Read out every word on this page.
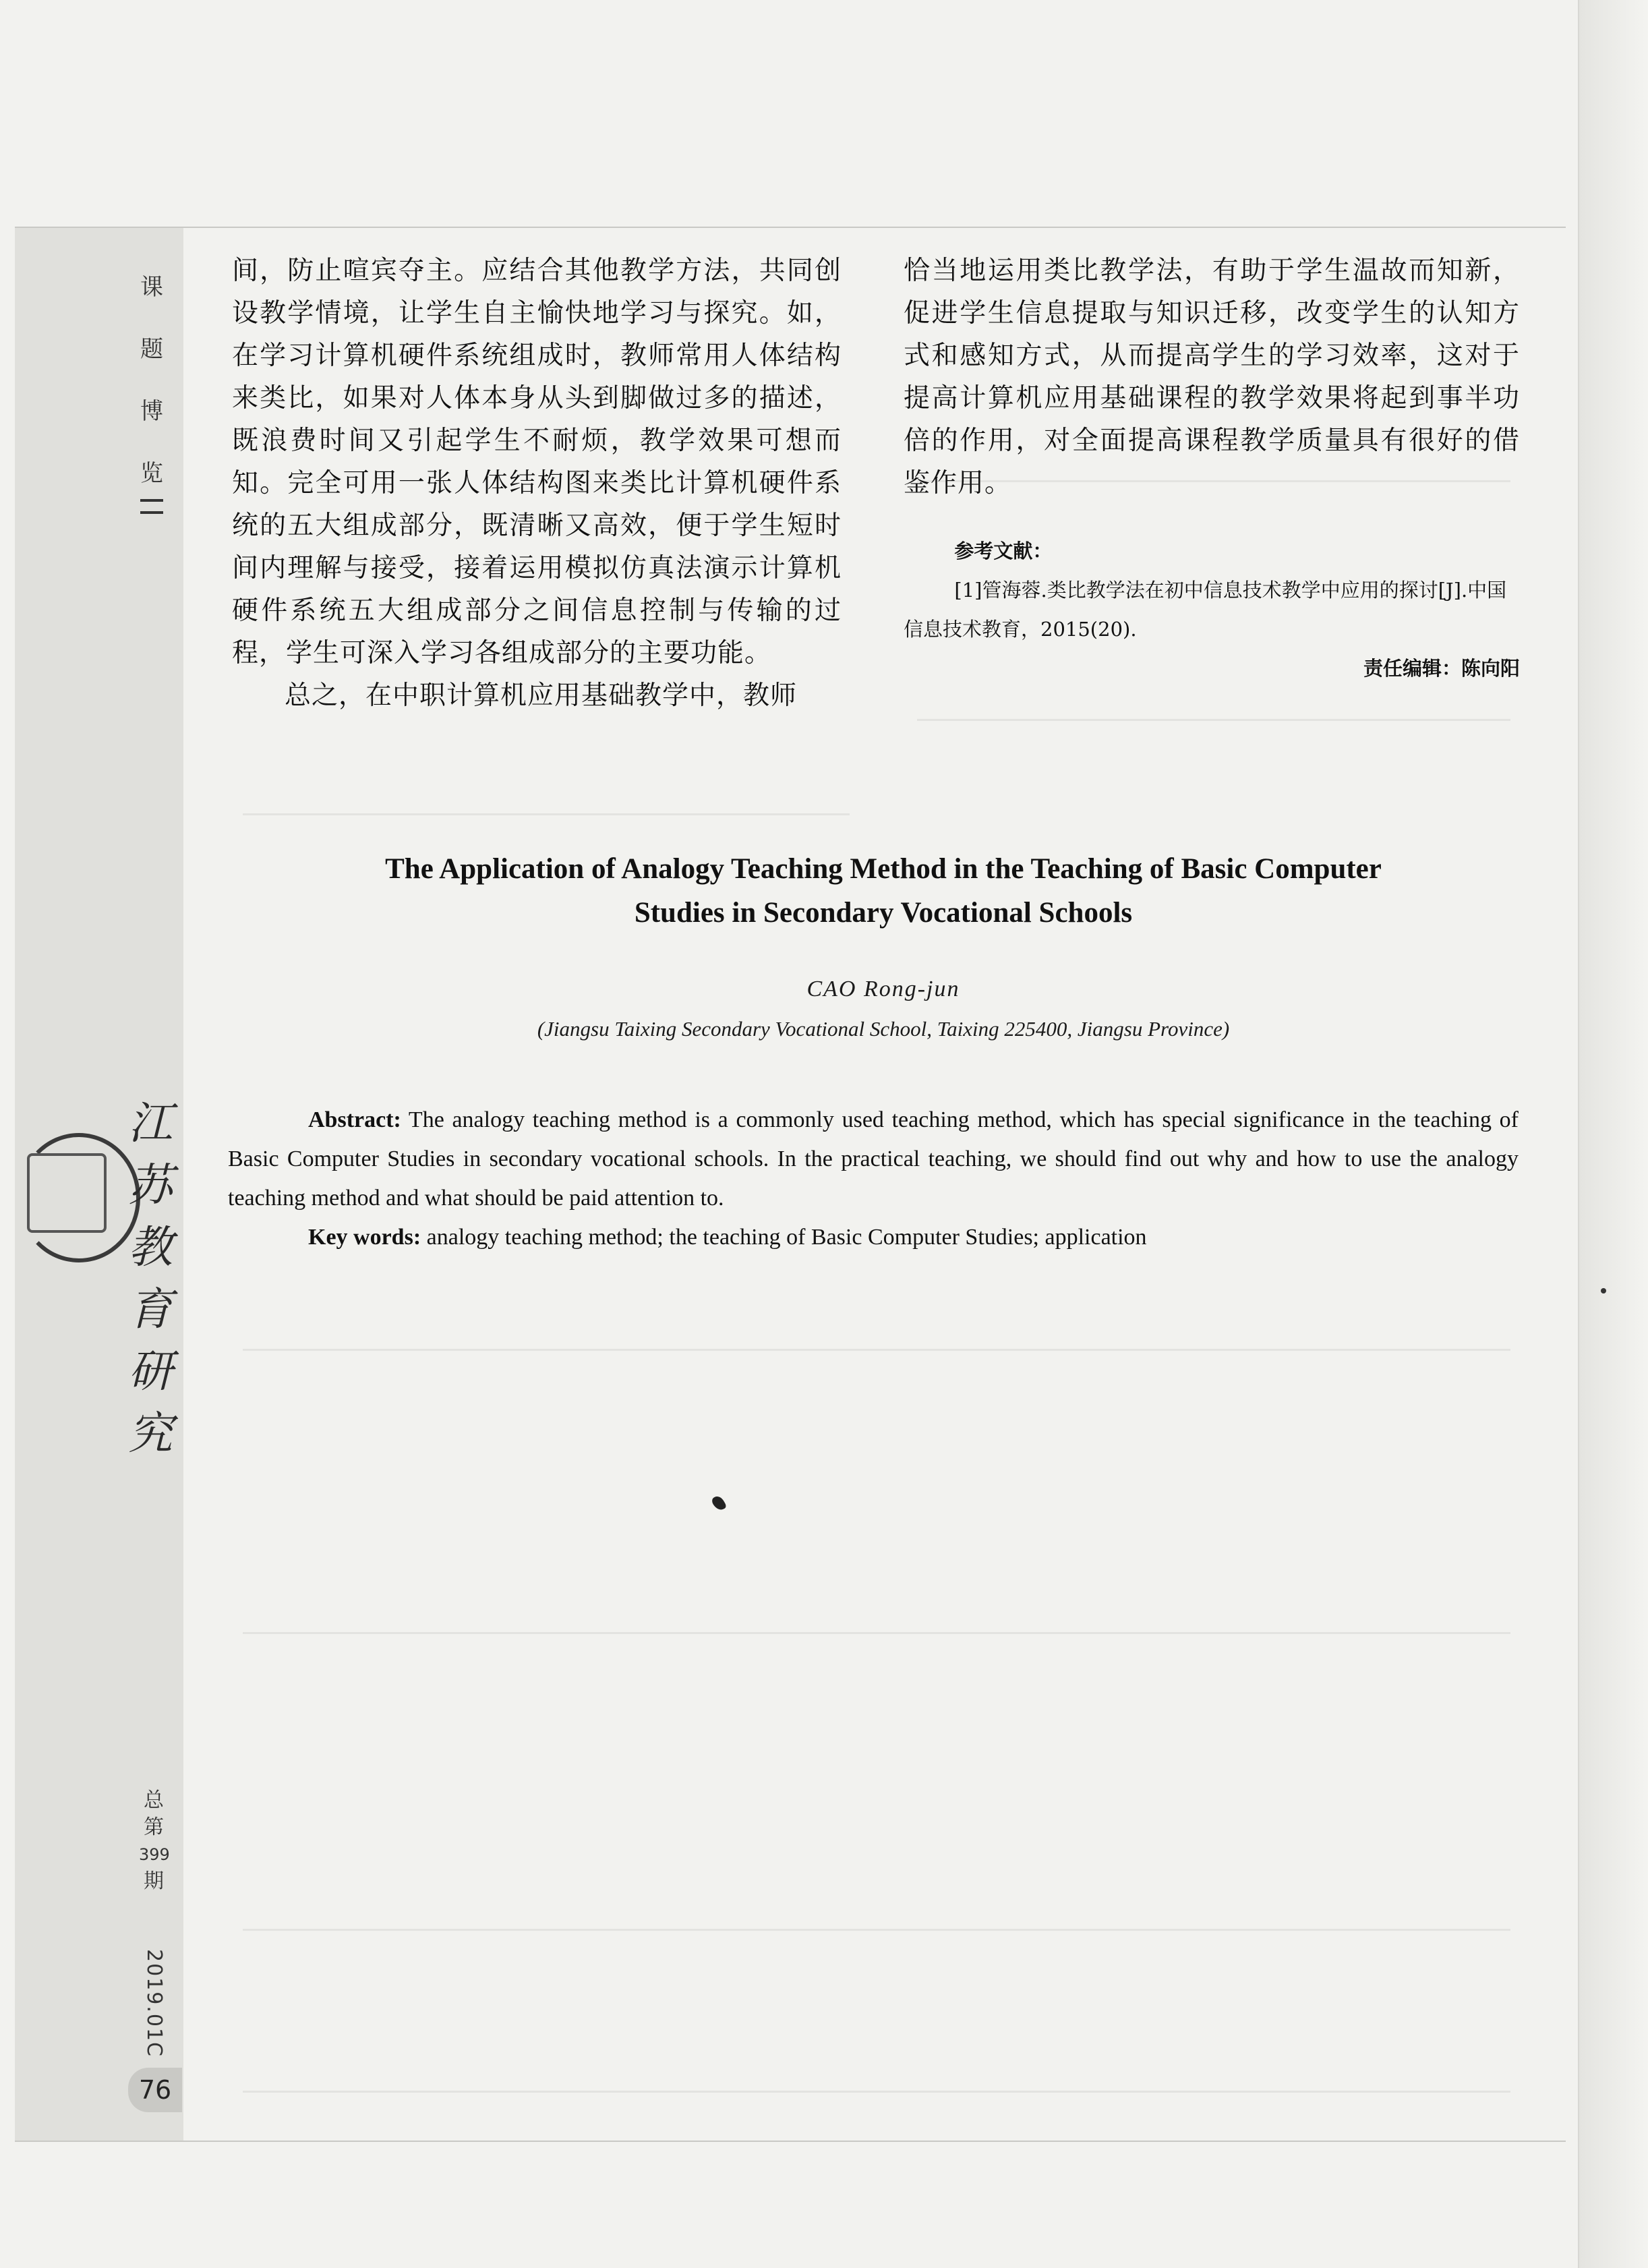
课
题
博
览
江
苏
教
育
研
究
总
第
399
期
2019.01C
76

间，防止喧宾夺主。应结合其他教学方法，共同创设教学情境，让学生自主愉快地学习与探究。如，在学习计算机硬件系统组成时，教师常用人体结构来类比，如果对人体本身从头到脚做过多的描述，既浪费时间又引起学生不耐烦，教学效果可想而知。完全可用一张人体结构图来类比计算机硬件系统的五大组成部分，既清晰又高效，便于学生短时间内理解与接受，接着运用模拟仿真法演示计算机硬件系统五大组成部分之间信息控制与传输的过程，学生可深入学习各组成部分的主要功能。

总之，在中职计算机应用基础教学中，教师

恰当地运用类比教学法，有助于学生温故而知新，促进学生信息提取与知识迁移，改变学生的认知方式和感知方式，从而提高学生的学习效率，这对于提高计算机应用基础课程的教学效果将起到事半功倍的作用，对全面提高课程教学质量具有很好的借鉴作用。

参考文献：

[1]管海蓉.类比教学法在初中信息技术教学中应用的探讨[J].中国信息技术教育，2015(20).

责任编辑：陈向阳

The Application of Analogy Teaching Method in the Teaching of Basic Computer
Studies in Secondary Vocational Schools
CAO Rong-jun
(Jiangsu Taixing Secondary Vocational School, Taixing 225400, Jiangsu Province)

Abstract: The analogy teaching method is a commonly used teaching method, which has special significance in the teaching of Basic Computer Studies in secondary vocational schools. In the practical teaching, we should find out why and how to use the analogy teaching method and what should be paid attention to.

Key words: analogy teaching method; the teaching of Basic Computer Studies; application
